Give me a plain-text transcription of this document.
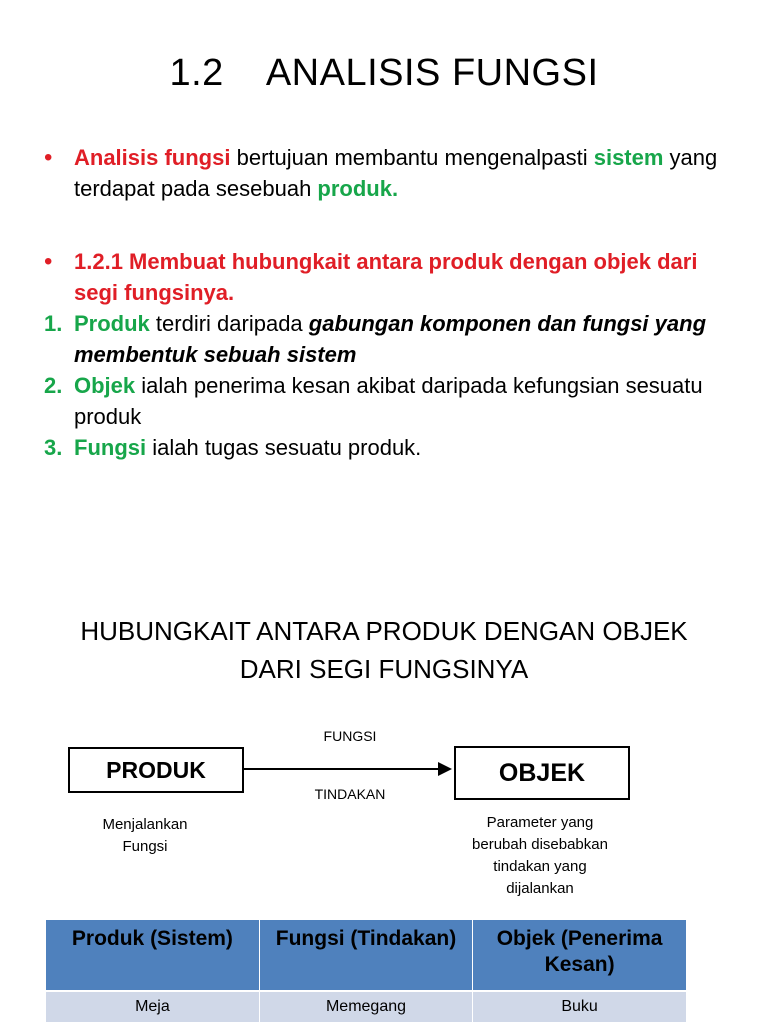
1.2 ANALISIS FUNGSI
• Analisis fungsi bertujuan membantu mengenalpasti sistem yang terdapat pada sesebuah produk.
• 1.2.1 Membuat hubungkait antara produk dengan objek dari segi fungsinya.
1. Produk terdiri daripada gabungan komponen dan fungsi yang membentuk sebuah sistem
2. Objek ialah penerima kesan akibat daripada kefungsian sesuatu produk
3. Fungsi ialah tugas sesuatu produk.
HUBUNGKAIT ANTARA PRODUK DENGAN OBJEK
DARI SEGI FUNGSINYA
PRODUK	OBJEK
FUNGSI
TINDAKAN
Menjalankan
Fungsi
Parameter yang
berubah disebabkan
tindakan yang
dijalankan
Produk (Sistem)	Fungsi (Tindakan)	Objek (Penerima Kesan)

Meja	Memegang	Buku
